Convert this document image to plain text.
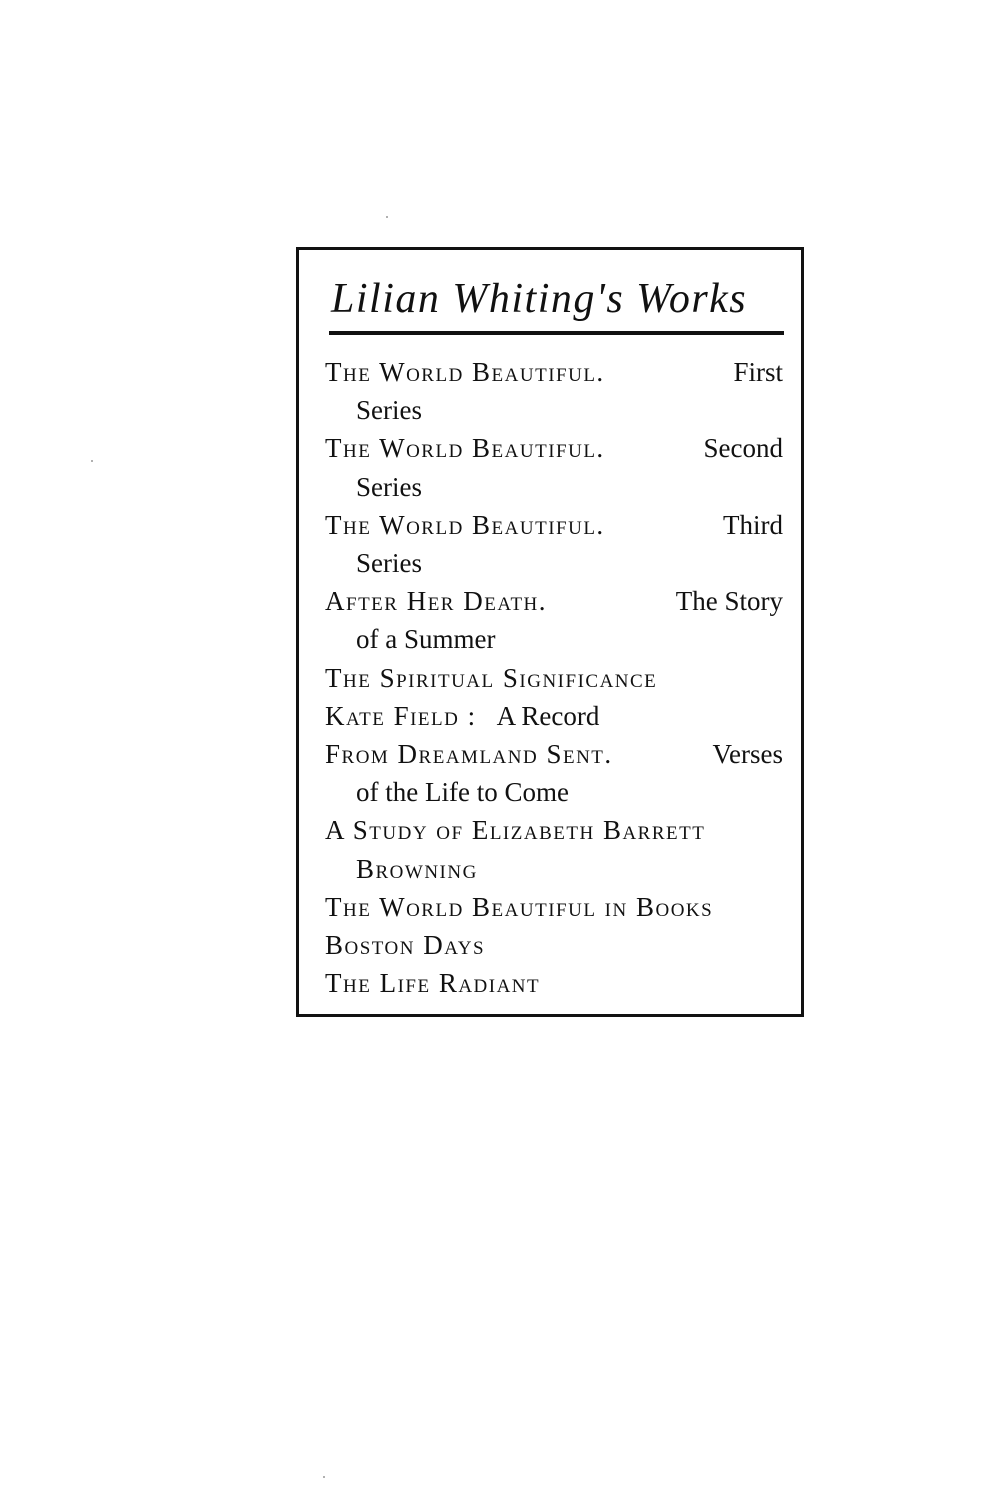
Lilian Whiting's Works
The World Beautiful.	First
Series
The World Beautiful.	Second
Series
The World Beautiful.	Third
Series
After Her Death.	The Story
of a Summer
The Spiritual Significance
Kate Field : A Record
From Dreamland Sent.	Verses
of the Life to Come
A Study of Elizabeth Barrett
Browning
The World Beautiful in Books
Boston Days
The Life Radiant
